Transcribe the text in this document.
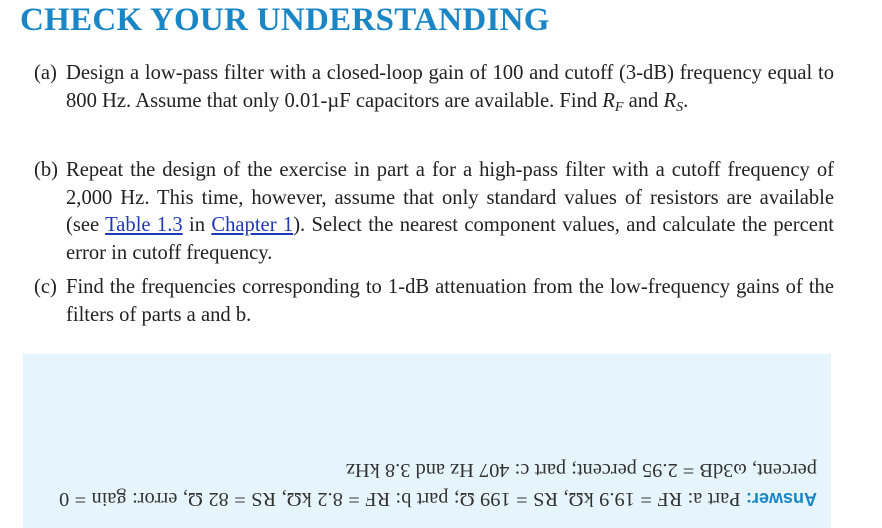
CHECK YOUR UNDERSTANDING
(a) Design a low-pass filter with a closed-loop gain of 100 and cutoff (3-dB) frequency equal to 800 Hz. Assume that only 0.01-µF capacitors are available. Find $R_F$ and $R_S$.
(b) Repeat the design of the exercise in part a for a high-pass filter with a cutoff frequency of 2,000 Hz. This time, however, assume that only standard values of resistors are available (see Table 1.3 in Chapter 1). Select the nearest component values, and calculate the percent error in cutoff frequency.
(c) Find the frequencies corresponding to 1-dB attenuation from the low-frequency gains of the filters of parts a and b.
Answer: Part a: RF = 19.9 kΩ, RS = 199 Ω; part b: RF = 8.2 kΩ, RS = 82 Ω, error: gain = 0 percent, ω3dB = 2.95 percent; part c: 407 Hz and 3.8 kHz
